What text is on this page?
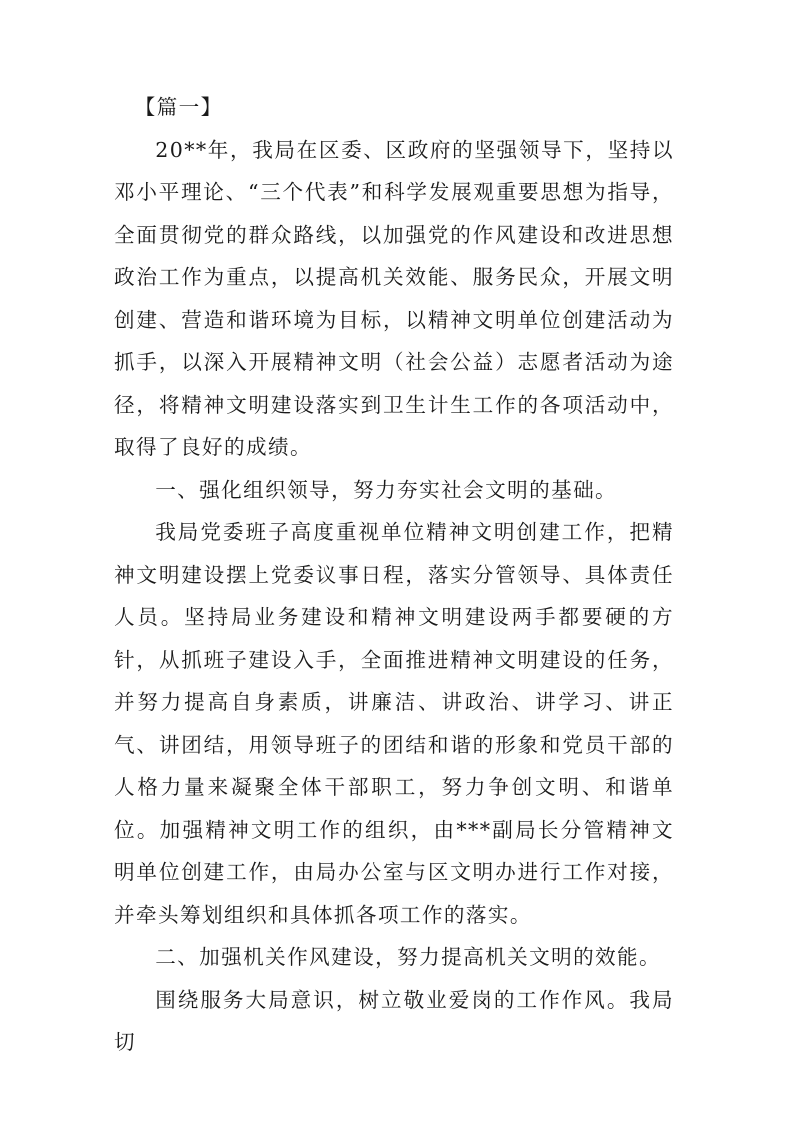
【篇一】

20**年，我局在区委、区政府的坚强领导下，坚持以邓小平理论、“三个代表”和科学发展观重要思想为指导，全面贯彻党的群众路线，以加强党的作风建设和改进思想政治工作为重点，以提高机关效能、服务民众，开展文明创建、营造和谐环境为目标，以精神文明单位创建活动为抓手，以深入开展精神文明（社会公益）志愿者活动为途径，将精神文明建设落实到卫生计生工作的各项活动中，取得了良好的成绩。

一、强化组织领导，努力夯实社会文明的基础。

我局党委班子高度重视单位精神文明创建工作，把精神文明建设摆上党委议事日程，落实分管领导、具体责任人员。坚持局业务建设和精神文明建设两手都要硬的方针，从抓班子建设入手，全面推进精神文明建设的任务，并努力提高自身素质，讲廉洁、讲政治、讲学习、讲正气、讲团结，用领导班子的团结和谐的形象和党员干部的人格力量来凝聚全体干部职工，努力争创文明、和谐单位。加强精神文明工作的组织，由***副局长分管精神文明单位创建工作，由局办公室与区文明办进行工作对接，并牵头筹划组织和具体抓各项工作的落实。

二、加强机关作风建设，努力提高机关文明的效能。

围绕服务大局意识，树立敬业爱岗的工作作风。我局切
